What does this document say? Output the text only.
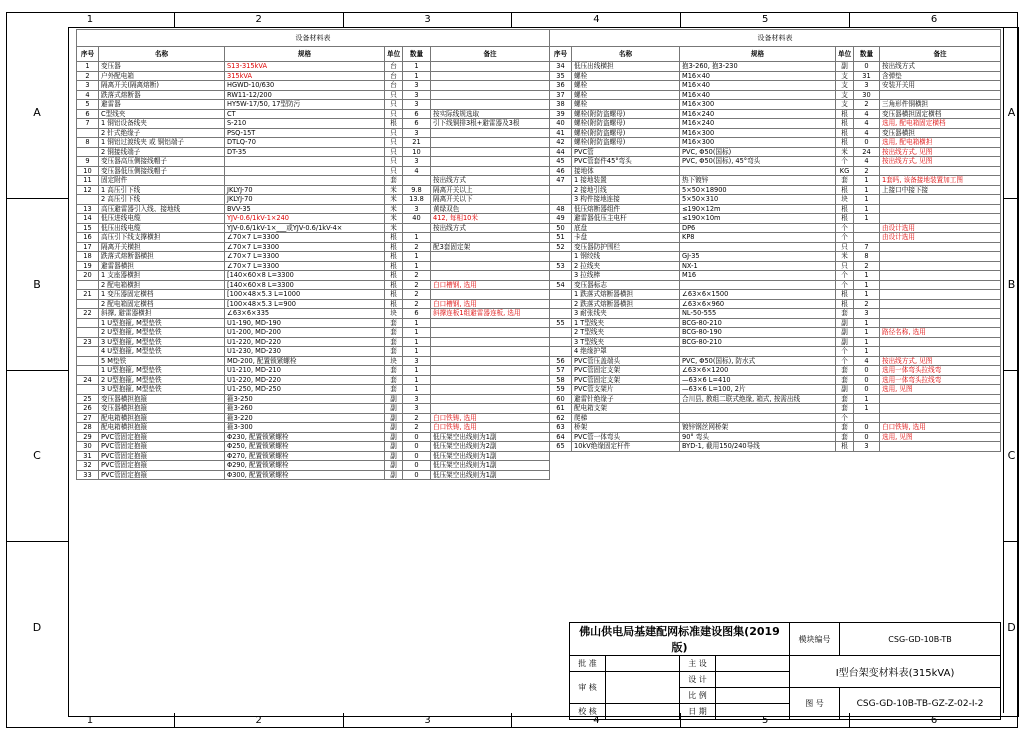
1	2	3	4	5	6
1	2	3	4	5	6
A
B
C
D
A
B
C
D
设备材料表					
序号	名称	规格	单位	数量	备注
1	变压器	S13-315kVA	台	1	
2	户外配电箱	315kVA	台	1	
3	隔离开关(隔离熔断)	HGWD-10/630	台	3	
4	跌落式熔断器	RW11-12/200	只	3	
5	避雷器	HY5W-17/50, 17型防污	只	3	
6	C型线夹	CT	只	6	按实际线规选取
7	1 铜铝设备线夹	S-210	根	6	引下线铜排3根+避雷器及3根
	2 针式绝缘子	PSQ-15T	只	3	
8	1 铜铝过渡线夹 或 铜铝端子	DTLQ-70	只	21	
	2 铜接线端子	DT-35	只	10	
9	变压器高压侧接线帽子		只	3	
10	变压器低压侧接线帽子		只	4	
11	固定附件		套		按出线方式
12	1 高压引下线	JKLYJ-70	米	9.8	隔离开关以上
	2 高压引下线	JKLYJ-70	米	13.8	隔离开关以下
13	高压避雷器引入线、接地线	BVV-35	米	3	黄绿双色
14	低压进线电缆	YJV-0.6/1kV-1×240	米	40	412, 每相10米
15	低压出线电缆	YJV-0.6/1kV-1×___或YJV-0.6/1kV-4×	米		按出线方式
16	高压引下线支撑横担	∠70×7 L=3300	根	1	
17	隔离开关横担	∠70×7 L=3300	根	2	配3套固定架
18	跌落式熔断器横担	∠70×7 L=3300	根	1	
19	避雷器横担	∠70×7 L=3300	根	1	
20	1 支座器横担	[140×60×8 L=3300	根	2	
	2 配电箱横担	[140×60×8 L=3300	根	2	白口槽钢, 选用
21	1 变压器固定横档	[100×48×5.3 L=1000	根	2	
	2 配电箱固定横档	[100×48×5.3 L=900	根	2	白口槽钢, 选用
22	斜撑, 避雷器横担	∠63×6×335	块	6	斜撑连板1组避雷器连板, 选用
	1 U型抱箍, M型垫铁	U1-190, MD-190	套	1	
	2 U型抱箍, M型垫铁	U1-200, MD-200	套	1	
23	3 U型抱箍, M型垫铁	U1-220, MD-220	套	1	
	4 U型抱箍, M型垫铁	U1-230, MD-230	套	1	
	5 M垫铁	MD-200, 配置锁紧螺栓	块	3	
	1 U型抱箍, M型垫铁	U1-210, MD-210	套	1	
24	2 U型抱箍, M型垫铁	U1-220, MD-220	套	1	
	3 U型抱箍, M型垫铁	U1-250, MD-250	套	1	
25	变压器横担抱箍	箍3-250	副	3	
26	变压器横担抱箍	箍3-260	副	3	
27	配电箱横担抱箍	箍3-220	副	2	白口铁铸, 选用
28	配电箱横担抱箍	箍3-300	副	2	白口铁铸, 选用
29	PVC管固定抱箍	Φ230, 配置锁紧螺栓	副	0	低压架空出线则为1副
30	PVC管固定抱箍	Φ250, 配置锁紧螺栓	副	0	低压架空出线则为2副
31	PVC管固定抱箍	Φ270, 配置锁紧螺栓	副	0	低压架空出线则为1副
32	PVC管固定抱箍	Φ290, 配置锁紧螺栓	副	0	低压架空出线则为1副
33	PVC管固定抱箍	Φ300, 配置锁紧螺栓	副	0	低压架空出线则为1副
设备材料表					
序号	名称	规格	单位	数量	备注
34	低压出线横担	抱3-260, 抱3-230	副	0	按出线方式
35	螺栓	M16×40	支	31	含弹垫
36	螺栓	M16×40	支	3	安装开关用
37	螺栓	M16×40	支	30	
38	螺栓	M16×300	支	2	三角形件铜横担
39	螺栓(附防盗螺母)	M16×240	根	4	变压器横担固定横档
40	螺栓(附防盗螺母)	M16×240	根	4	选用, 配电箱固定横档
41	螺栓(附防盗螺母)	M16×300	根	4	变压器横担
42	螺栓(附防盗螺母)	M16×300	根	0	选用, 配电箱横担
44	PVC管	PVC, Φ50(国标)	米	24	按出线方式, 见图
45	PVC管套件45°弯头	PVC, Φ50(国标), 45°弯头	个	4	按出线方式, 见图
46	接地体		KG	2	
47	1 接地装置	热下镀锌	套	1	1套吗, 该备接地装置加工图
	2 接地引线	5×50×18900	根	1	上接口中接下接
	3 构件接地连接	5×50×310	块	1	
48	低压熔断器组件	≤190×12m	根	1	
49	避雷器低压主电杆	≤190×10m	根	1	
50	底盘	DP6	个		由设计选用
51	卡盘	KP8	个		由设计选用
52	变压器防护围栏		只	7	
	1 钢绞线	GJ-35	米	8	
53	2 拉线夹	NX-1	只	2	
	3 拉线棒	M16	个	1	
54	变压器标志		个	1	
	1 跌落式熔断器横担	∠63×6×1500	根	1	
	2 跌落式熔断器横担	∠63×6×960	根	2	
	3 耐张线夹	NL-50-555	套	3	
55	1 T型线夹	BCG-80-210	副	1	
	2 T型线夹	BCG-80-190	副	1	路径名称, 选用
	3 T型线夹	BCG-80-210	副	1	
	4 绝缘护罩		个	1	
56	PVC管压盖端头	PVC, Φ50(国标), 防水式	个	4	按出线方式, 见图
57	PVC管固定支架	∠63×6×1200	套	0	选用一体弯头拉线弯
58	PVC管固定支架	—63×6 L=410	套	0	选用一体弯头拉线弯
59	PVC管支架片	—63×6 L=100, 2片	副	0	选用, 见图
60	避雷针绝缘子	合川县, 教组二联式绝缘, 箱式, 按需出线	套	1	
61	配电箱支架		套	1	
62	爬梯		个		
63	桥架	镀锌钢丝网桥架	套	0	白口铁铸, 选用
64	PVC管一体弯头	90° 弯头	套	0	选用, 见图
65	10kV绝缘固定杆件	BYD-1, 截用150/240导线	根	3	
佛山供电局基建配网标准建设图集(2019版)				模块编号	CSG-GD-10B-TB
批 准		主 设		Ⅰ型台架变材料表(315kVA)	
审 核		设 计			
		比 例		图 号	CSG-GD-10B-TB-GZ-Z-02-Ⅰ-2
校 核		日 期			
